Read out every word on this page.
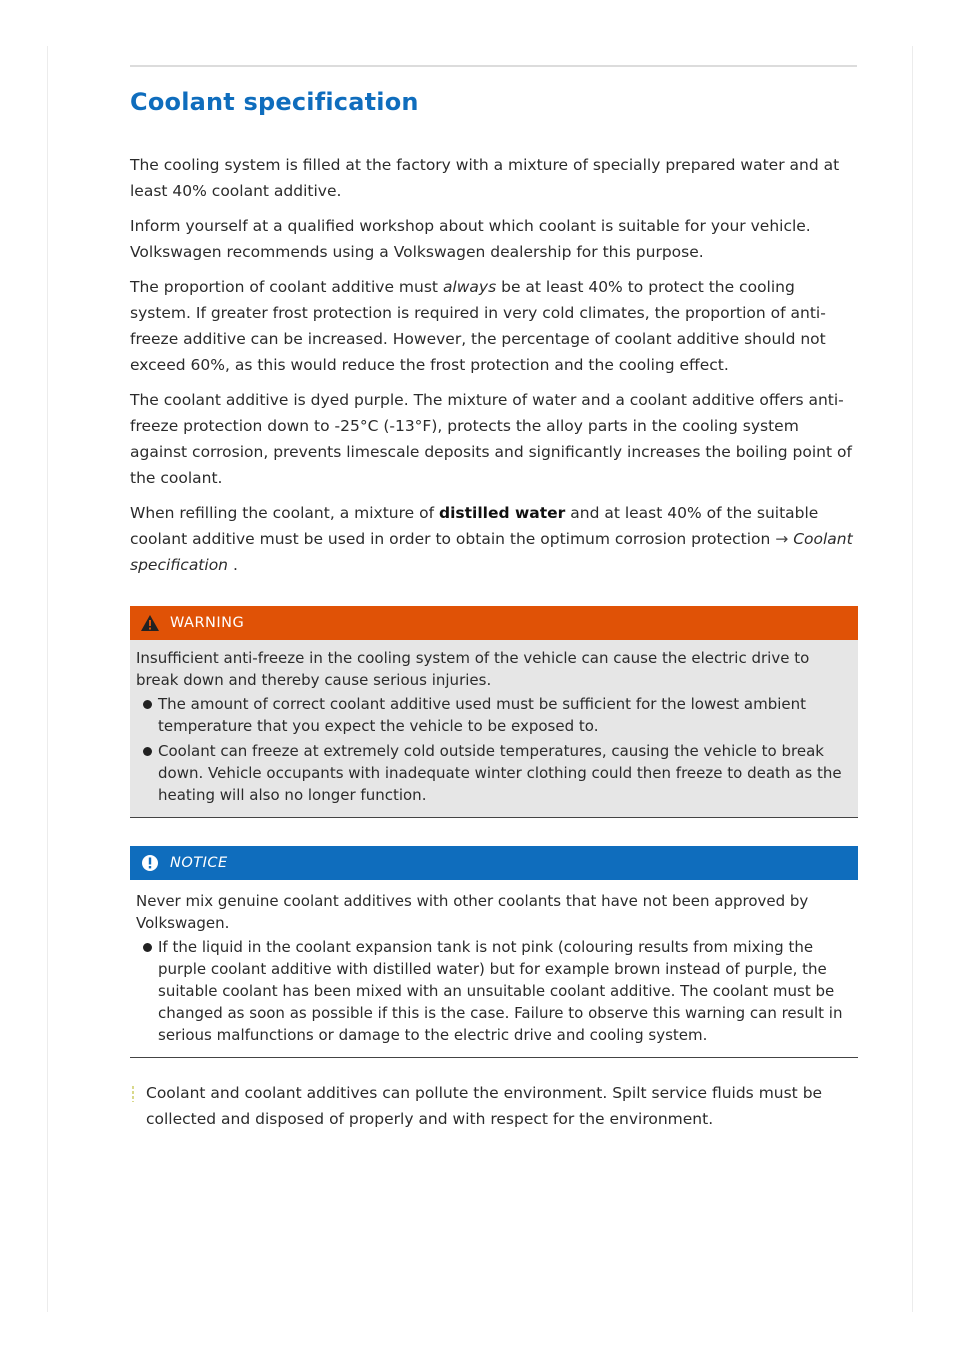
Coolant specification

The cooling system is filled at the factory with a mixture of specially prepared water and at least 40% coolant additive.

Inform yourself at a qualified workshop about which coolant is suitable for your vehicle. Volkswagen recommends using a Volkswagen dealership for this purpose.

The proportion of coolant additive must always be at least 40% to protect the cooling system. If greater frost protection is required in very cold climates, the proportion of anti-freeze additive can be increased. However, the percentage of coolant additive should not exceed 60%, as this would reduce the frost protection and the cooling effect.

The coolant additive is dyed purple. The mixture of water and a coolant additive offers anti-freeze protection down to -25°C (-13°F), protects the alloy parts in the cooling system against corrosion, prevents limescale deposits and significantly increases the boiling point of the coolant.

When refilling the coolant, a mixture of distilled water and at least 40% of the suitable coolant additive must be used in order to obtain the optimum corrosion protection → Coolant specification .

WARNING
Insufficient anti-freeze in the cooling system of the vehicle can cause the electric drive to break down and thereby cause serious injuries.
The amount of correct coolant additive used must be sufficient for the lowest ambient temperature that you expect the vehicle to be exposed to.
Coolant can freeze at extremely cold outside temperatures, causing the vehicle to break down. Vehicle occupants with inadequate winter clothing could then freeze to death as the heating will also no longer function.
NOTICE
Never mix genuine coolant additives with other coolants that have not been approved by Volkswagen.
If the liquid in the coolant expansion tank is not pink (colouring results from mixing the purple coolant additive with distilled water) but for example brown instead of purple, the suitable coolant has been mixed with an unsuitable coolant additive. The coolant must be changed as soon as possible if this is the case. Failure to observe this warning can result in serious malfunctions or damage to the electric drive and cooling system.
Coolant and coolant additives can pollute the environment. Spilt service fluids must be collected and disposed of properly and with respect for the environment.
